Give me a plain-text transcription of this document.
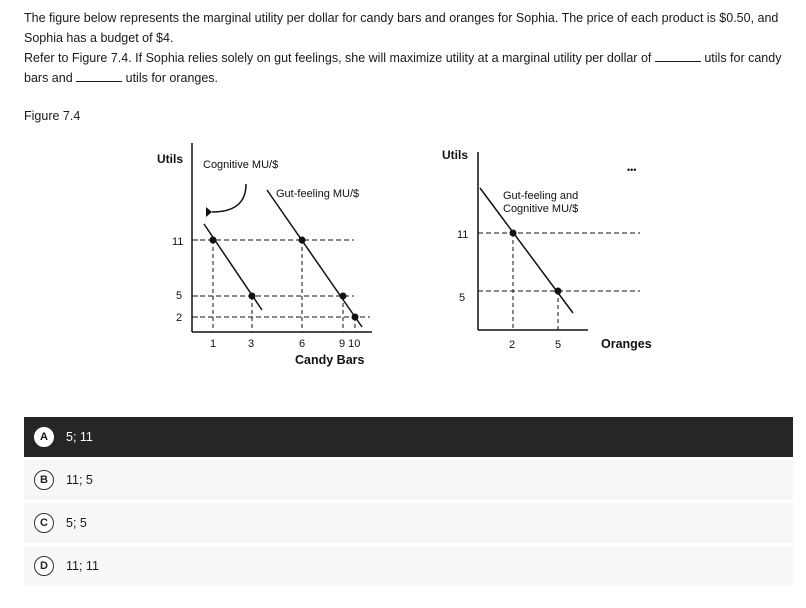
The figure below represents the marginal utility per dollar for candy bars and oranges for Sophia. The price of each product is $0.50, and Sophia has a budget of $4.

Refer to Figure 7.4. If Sophia relies solely on gut feelings, she will maximize utility at a marginal utility per dollar of	utils for candy bars and	utils for oranges.

Figure 7.4
Utils
Candy Bars
11
5
2
1	3	6	9 10
Cognitive MU/$
Gut-feeling MU/$
Utils
Oranges
11
5
2	5
Gut-feeling and
Cognitive MU/$
•••
A	5; 11
B	11; 5
C	5; 5
D	11; 11
